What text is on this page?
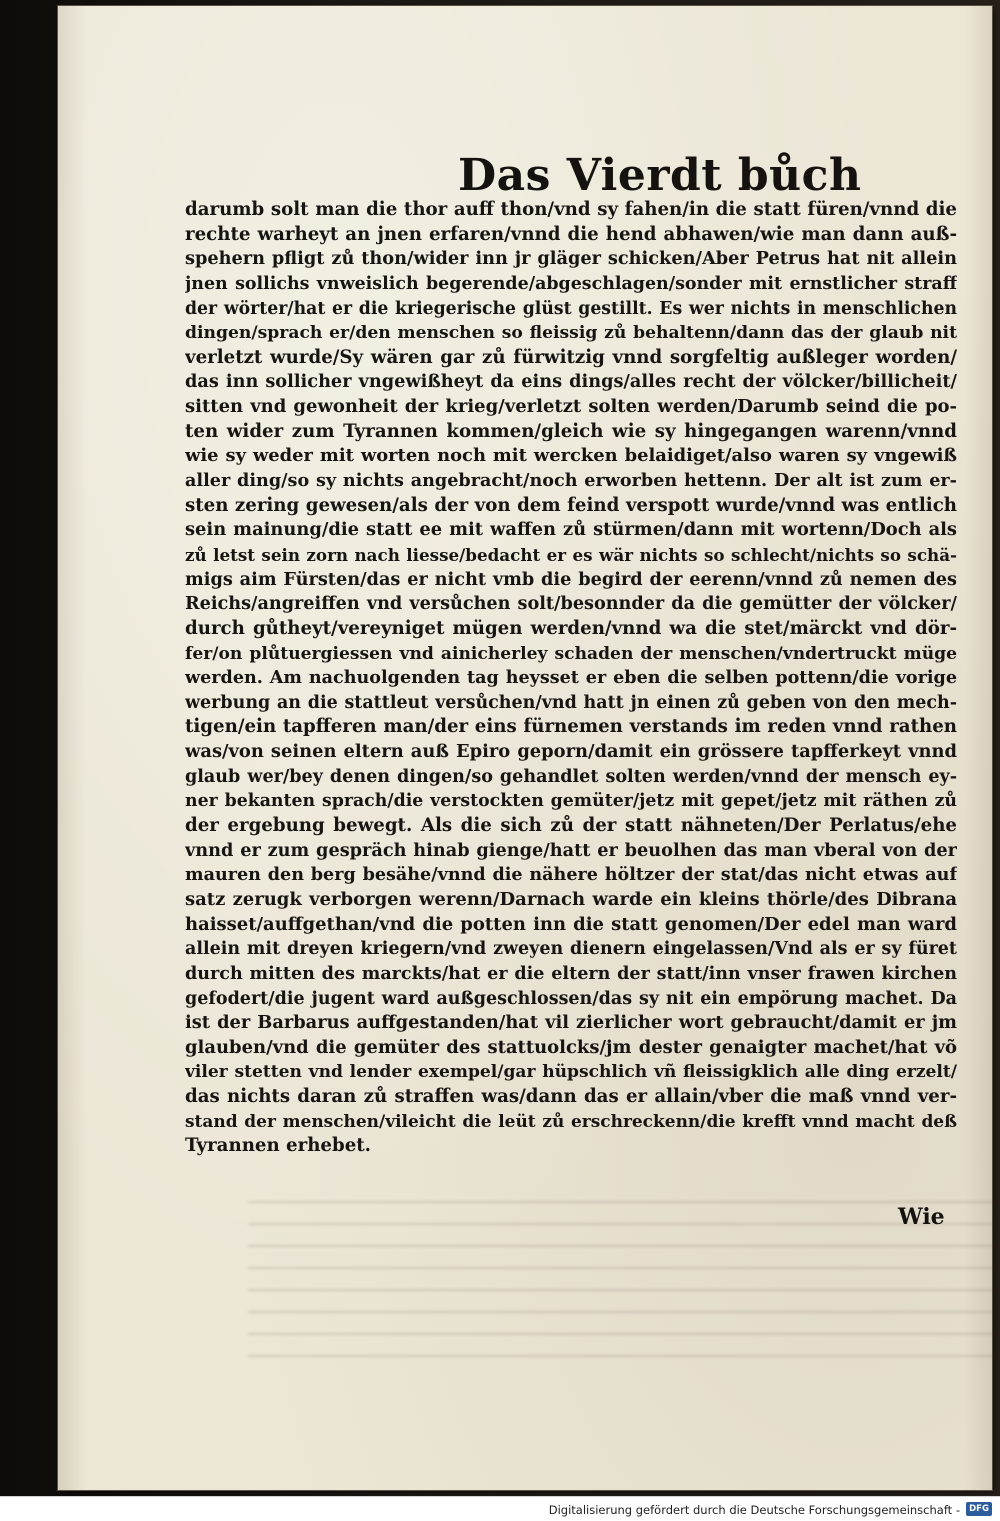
Das Vierdt bůch
darumb solt man die thor auff thon/vnd sy fahen/in die statt füren/vnnd die
rechte warheyt an jnen erfaren/vnnd die hend abhawen/wie man dann auß-
spehern pfligt zů thon/wider inn jr gläger schicken/Aber Petrus hat nit allein
jnen sollichs vnweislich begerende/abgeschlagen/sonder mit ernstlicher straff
der wörter/hat er die kriegerische glüst gestillt. Es wer nichts in menschlichen
dingen/sprach er/den menschen so fleissig zů behaltenn/dann das der glaub nit
verletzt wurde/Sy wären gar zů fürwitzig vnnd sorgfeltig außleger worden/
das inn sollicher vngewißheyt da eins dings/alles recht der völcker/billicheit/
sitten vnd gewonheit der krieg/verletzt solten werden/Darumb seind die po-
ten wider zum Tyrannen kommen/gleich wie sy hingegangen warenn/vnnd
wie sy weder mit worten noch mit wercken belaidiget/also waren sy vngewiß
aller ding/so sy nichts angebracht/noch erworben hettenn. Der alt ist zum er-
sten zering gewesen/als der von dem feind verspott wurde/vnnd was entlich
sein mainung/die statt ee mit waffen zů stürmen/dann mit wortenn/Doch als
zů letst sein zorn nach liesse/bedacht er es wär nichts so schlecht/nichts so schä-
migs aim Fürsten/das er nicht vmb die begird der eerenn/vnnd zů nemen des
Reichs/angreiffen vnd versůchen solt/besonnder da die gemütter der völcker/
durch gůtheyt/vereyniget mügen werden/vnnd wa die stet/märckt vnd dör-
fer/on plůtuergiessen vnd ainicherley schaden der menschen/vndertruckt müge
werden. Am nachuolgenden tag heysset er eben die selben pottenn/die vorige
werbung an die stattleut versůchen/vnd hatt jn einen zů geben von den mech-
tigen/ein tapfferen man/der eins fürnemen verstands im reden vnnd rathen
was/von seinen eltern auß Epiro geporn/damit ein grössere tapfferkeyt vnnd
glaub wer/bey denen dingen/so gehandlet solten werden/vnnd der mensch ey-
ner bekanten sprach/die verstockten gemüter/jetz mit gepet/jetz mit räthen zů
der ergebung bewegt. Als die sich zů der statt nähneten/Der Perlatus/ehe
vnnd er zum gespräch hinab gienge/hatt er beuolhen das man vberal von der
mauren den berg besähe/vnnd die nähere höltzer der stat/das nicht etwas auf
satz zerugk verborgen werenn/Darnach warde ein kleins thörle/des Dibrana
haisset/auffgethan/vnd die potten inn die statt genomen/Der edel man ward
allein mit dreyen kriegern/vnd zweyen dienern eingelassen/Vnd als er sy füret
durch mitten des marckts/hat er die eltern der statt/inn vnser frawen kirchen
gefodert/die jugent ward außgeschlossen/das sy nit ein empörung machet. Da
ist der Barbarus auffgestanden/hat vil zierlicher wort gebraucht/damit er jm
glauben/vnd die gemüter des stattuolcks/jm dester genaigter machet/hat võ
viler stetten vnd lender exempel/gar hüpschlich vñ fleissigklich alle ding erzelt/
das nichts daran zů straffen was/dann das er allain/vber die maß vnnd ver-
stand der menschen/vileicht die leüt zů erschreckenn/die krefft vnnd macht deß
Tyrannen erhebet.

Wie

Digitalisierung gefördert durch die Deutsche Forschungsgemeinschaft -	DFG
